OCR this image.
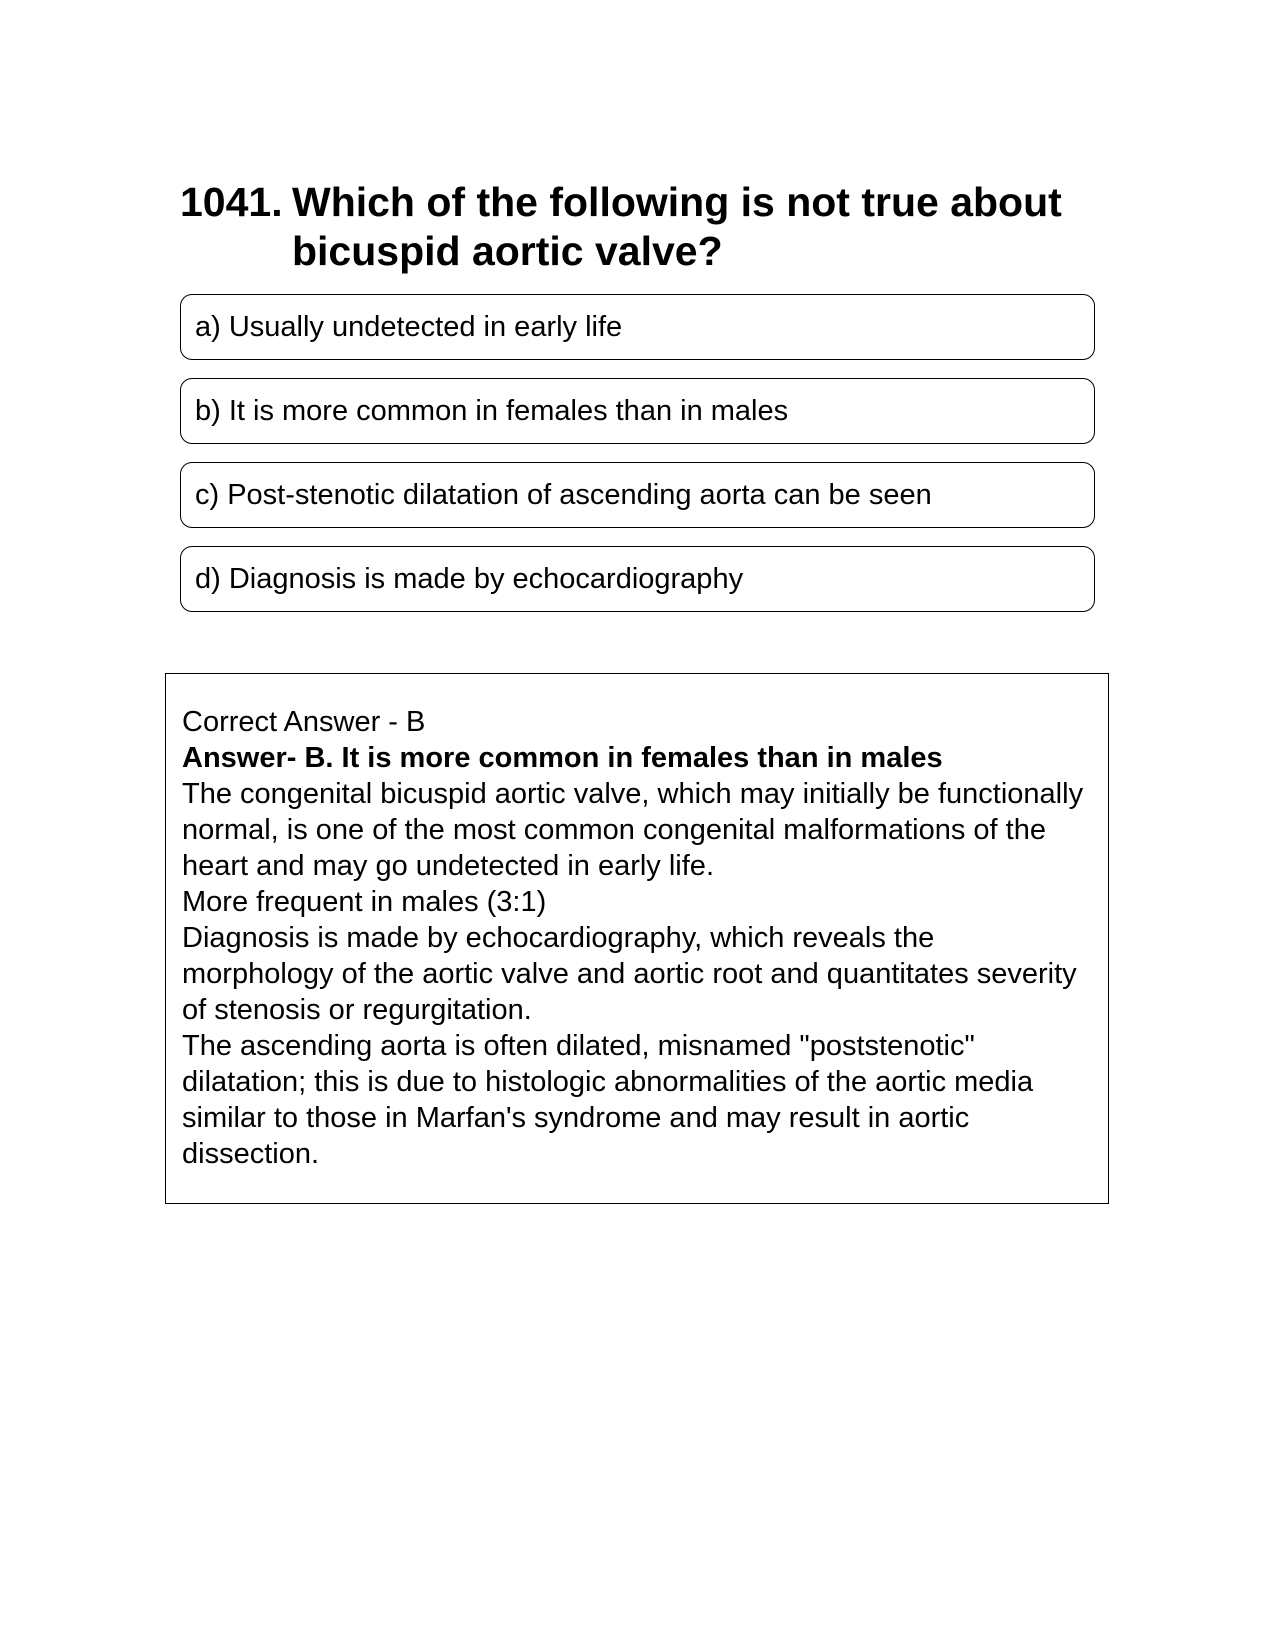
1041. Which of the following is not true about bicuspid aortic valve?
a) Usually undetected in early life
b) It is more common in females than in males
c) Post-stenotic dilatation of ascending aorta can be seen
d) Diagnosis is made by echocardiography

Correct Answer - B

Answer- B. It is more common in females than in males

The congenital bicuspid aortic valve, which may initially be functionally normal, is one of the most common congenital malformations of the heart and may go undetected in early life.

More frequent in males (3:1)

Diagnosis is made by echocardiography, which reveals the morphology of the aortic valve and aortic root and quantitates severity of stenosis or regurgitation.

The ascending aorta is often dilated, misnamed "poststenotic" dilatation; this is due to histologic abnormalities of the aortic media similar to those in Marfan's syndrome and may result in aortic dissection.
